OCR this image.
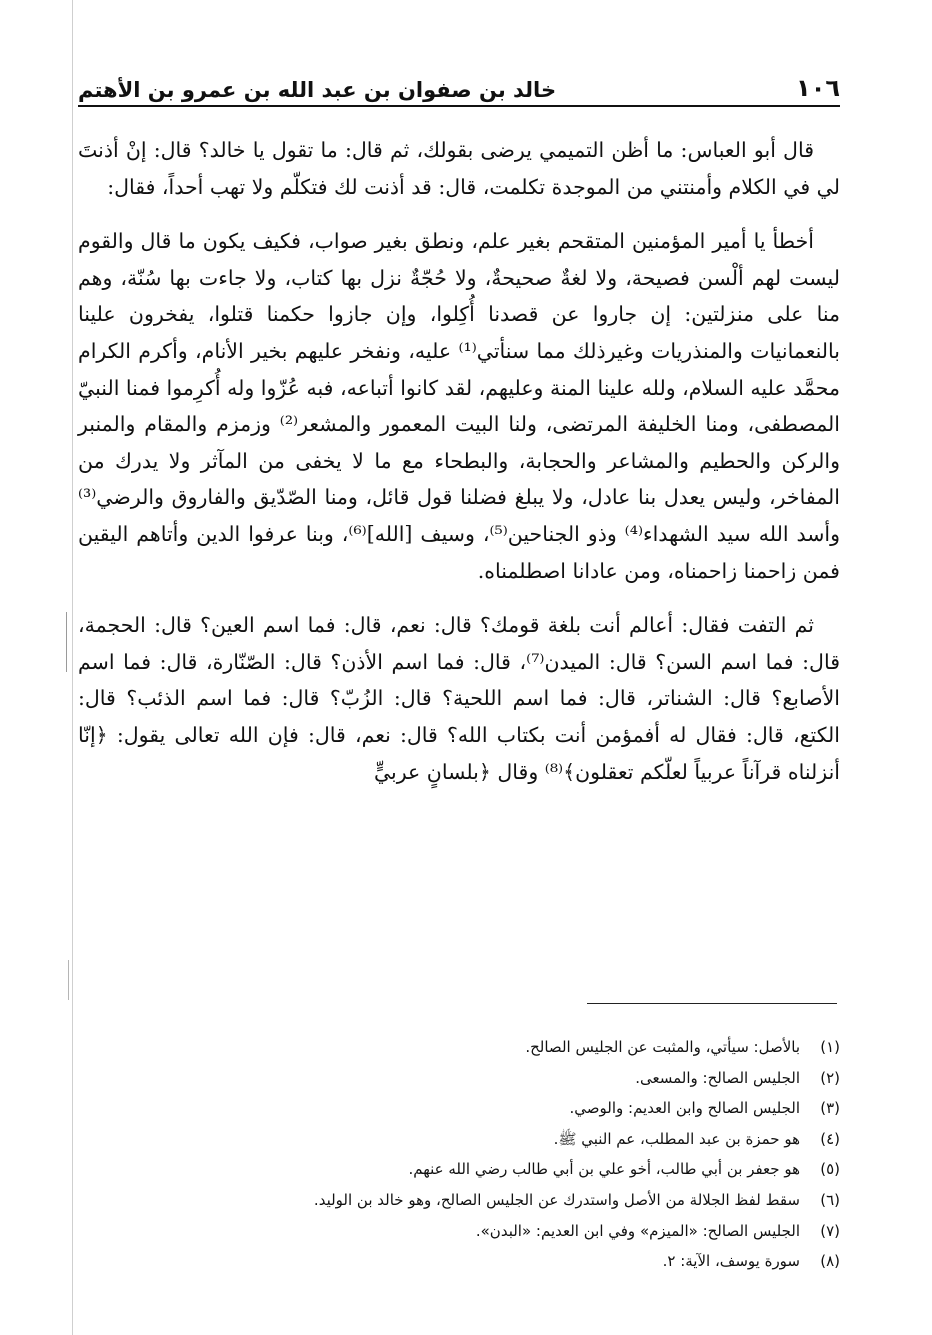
١٠٦
خالد بن صفوان بن عبد الله بن عمرو بن الأهتم

قال أبو العباس: ما أظن التميمي يرضى بقولك، ثم قال: ما تقول يا خالد؟ قال: إنْ أذنتَ لي في الكلام وأمنتني من الموجدة تكلمت، قال: قد أذنت لك فتكلّم ولا تهب أحداً، فقال:

أخطأ يا أمير المؤمنين المتقحم بغير علم، ونطق بغير صواب، فكيف يكون ما قال والقوم ليست لهم ألْسن فصيحة، ولا لغةٌ صحيحةٌ، ولا حُجّةٌ نزل بها كتاب، ولا جاءت بها سُنّة، وهم منا على منزلتين: إن جاروا عن قصدنا أُكِلوا، وإن جازوا حكمنا قتلوا، يفخرون علينا بالنعمانيات والمنذريات وغيرذلك مما سنأتي⁽¹⁾ عليه، ونفخر عليهم بخير الأنام، وأكرم الكرام محمَّد عليه السلام، ولله علينا المنة وعليهم، لقد كانوا أتباعه، فبه عُزّوا وله أُكرِموا فمنا النبيّ المصطفى، ومنا الخليفة المرتضى، ولنا البيت المعمور والمشعر⁽²⁾ وزمزم والمقام والمنبر والركن والحطيم والمشاعر والحجابة، والبطحاء مع ما لا يخفى من المآثر ولا يدرك من المفاخر، وليس يعدل بنا عادل، ولا يبلغ فضلنا قول قائل، ومنا الصّدّيق والفاروق والرضي⁽³⁾ وأسد الله سيد الشهداء⁽⁴⁾ وذو الجناحين⁽⁵⁾، وسيف [الله]⁽⁶⁾، وبنا عرفوا الدين وأتاهم اليقين فمن زاحمنا زاحمناه، ومن عادانا اصطلمناه.

ثم التفت فقال: أعالم أنت بلغة قومك؟ قال: نعم، قال: فما اسم العين؟ قال: الحجمة، قال: فما اسم السن؟ قال: الميدن⁽⁷⁾، قال: فما اسم الأذن؟ قال: الصّنّارة، قال: فما اسم الأصابع؟ قال: الشناتر، قال: فما اسم اللحية؟ قال: الزُبّ؟ قال: فما اسم الذئب؟ قال: الكتع، قال: فقال له أفمؤمن أنت بكتاب الله؟ قال: نعم، قال: فإن الله تعالى يقول: ﴿إنّا أنزلناه قرآناً عربياً لعلّكم تعقلون﴾⁽⁸⁾ وقال ﴿بلسانٍ عربيٍّ

(١)
بالأصل: سيأتي، والمثبت عن الجليس الصالح.
(٢)
الجليس الصالح: والمسعى.
(٣)
الجليس الصالح وابن العديم: والوصي.
(٤)
هو حمزة بن عبد المطلب، عم النبي ﷺ.
(٥)
هو جعفر بن أبي طالب، أخو علي بن أبي طالب رضي الله عنهم.
(٦)
سقط لفظ الجلالة من الأصل واستدرك عن الجليس الصالح، وهو خالد بن الوليد.
(٧)
الجليس الصالح: «الميزم» وفي ابن العديم: «البدن».
(٨)
سورة يوسف، الآية: ٢.
